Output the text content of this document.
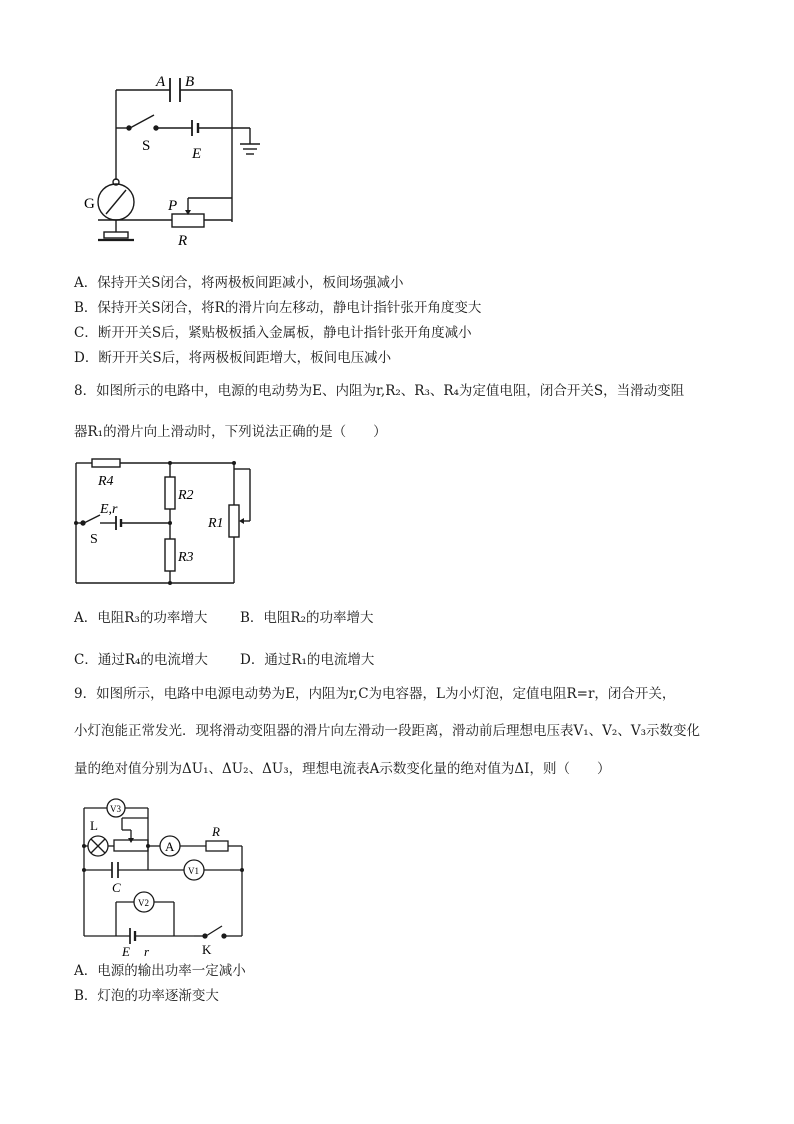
A B
S	E
G	P
R
A．保持开关S闭合，将两极板间距减小，板间场强减小
B．保持开关S闭合，将R的滑片向左移动，静电计指针张开角度变大
C．断开开关S后，紧贴极板插入金属板，静电计指针张开角度减小
D．断开开关S后，将两极板间距增大，板间电压减小
8．如图所示的电路中，电源的电动势为E、内阻为r,R₂、R₃、R₄为定值电阻，闭合开关S，当滑动变阻
器R₁的滑片向上滑动时，下列说法正确的是（　　）
R4
R2
R1
R3
E,r
S
A．电阻R₃的功率增大 B．电阻R₂的功率增大
C．通过R₄的电流增大 D．通过R₁的电流增大
9．如图所示，电路中电源电动势为E，内阻为r,C为电容器，L为小灯泡，定值电阻R=r，闭合开关，
小灯泡能正常发光．现将滑动变阻器的滑片向左滑动一段距离，滑动前后理想电压表V₁、V₂、V₃示数变化
量的绝对值分别为ΔU₁、ΔU₂、ΔU₃，理想电流表A示数变化量的绝对值为ΔI，则（　　）
V3
L
A
R
V1
C
V2
E r	K
A．电源的输出功率一定减小
B．灯泡的功率逐渐变大
